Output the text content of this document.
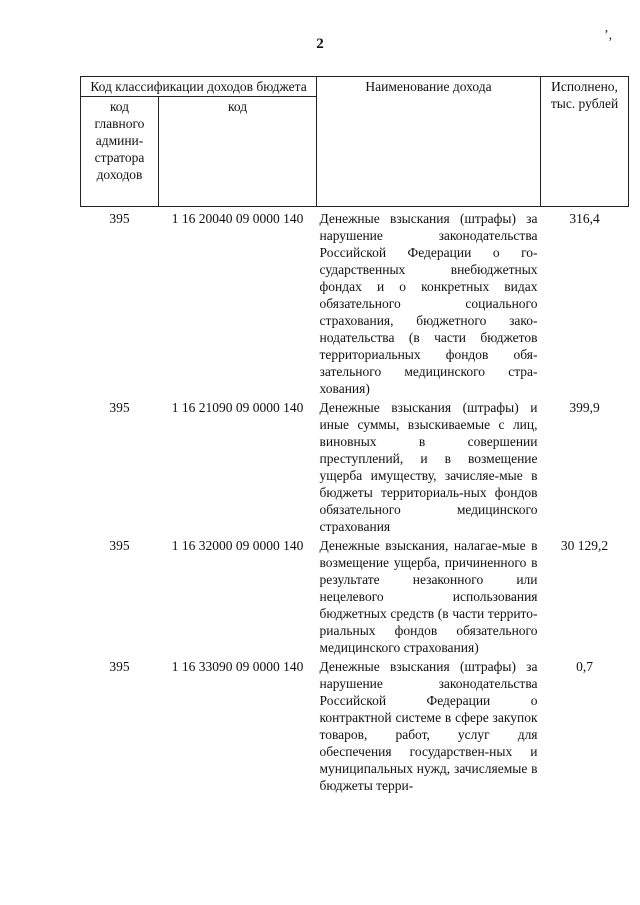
2
’,
Код классификации доходов бюджета		Наименование дохода	Исполнено, тыс. рублей
код главного админи-стратора доходов	код		
395	1 16 20040 09 0000 140	Денежные взыскания (штрафы) за нарушение законодательства Российской Федерации о го-сударственных внебюджетных фондах и о конкретных видах обязательного социального страхования, бюджетного зако-нодательства (в части бюджетов территориальных фондов обя-зательного медицинского стра-хования)	316,4
395	1 16 21090 09 0000 140	Денежные взыскания (штрафы) и иные суммы, взыскиваемые с лиц, виновных в совершении преступлений, и в возмещение ущерба имуществу, зачисляе-мые в бюджеты территориаль-ных фондов обязательного медицинского страхования	399,9
395	1 16 32000 09 0000 140	Денежные взыскания, налагае-мые в возмещение ущерба, причиненного в результате незаконного или нецелевого использования бюджетных средств (в части террито-риальных фондов обязательного медицинского страхования)	30 129,2
395	1 16 33090 09 0000 140	Денежные взыскания (штрафы) за нарушение законодательства Российской Федерации о контрактной системе в сфере закупок товаров, работ, услуг для обеспечения государствен-ных и муниципальных нужд, зачисляемые в бюджеты терри-	0,7
